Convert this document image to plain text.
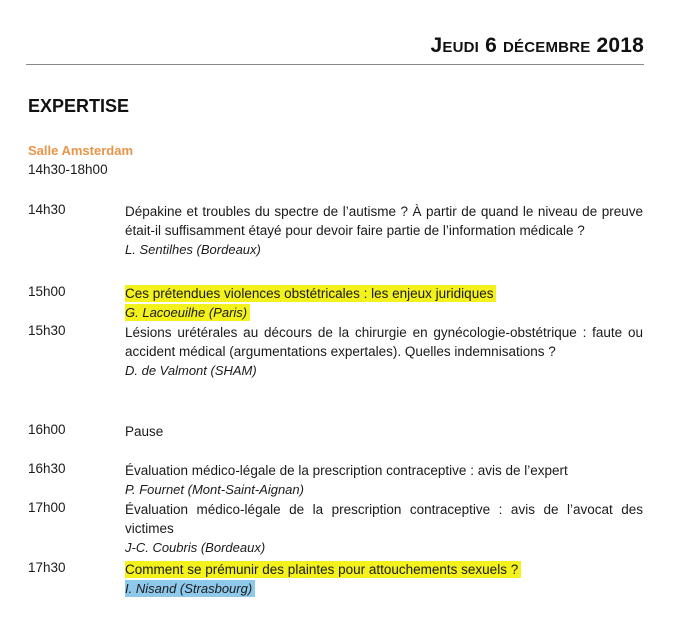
Jeudi 6 décembre 2018
EXPERTISE
Salle Amsterdam
14h30-18h00
14h30	Dépakine et troubles du spectre de l’autisme ? À partir de quand le niveau de preuve était-il suffisamment étayé pour devoir faire partie de l’information médicale ?
L. Sentilhes (Bordeaux)
15h00	Ces prétendues violences obstétricales : les enjeux juridiques
G. Lacoeuilhe (Paris)
15h30	Lésions urétérales au décours de la chirurgie en gynécologie-obstétrique : faute ou accident médical (argumentations expertales). Quelles indemnisations ?
D. de Valmont (SHAM)
16h00	Pause
16h30	Évaluation médico-légale de la prescription contraceptive : avis de l’expert
P. Fournet (Mont-Saint-Aignan)
17h00	Évaluation médico-légale de la prescription contraceptive : avis de l’avocat des victimes
J-C. Coubris (Bordeaux)
17h30	Comment se prémunir des plaintes pour attouchements sexuels ?
I. Nisand (Strasbourg)
